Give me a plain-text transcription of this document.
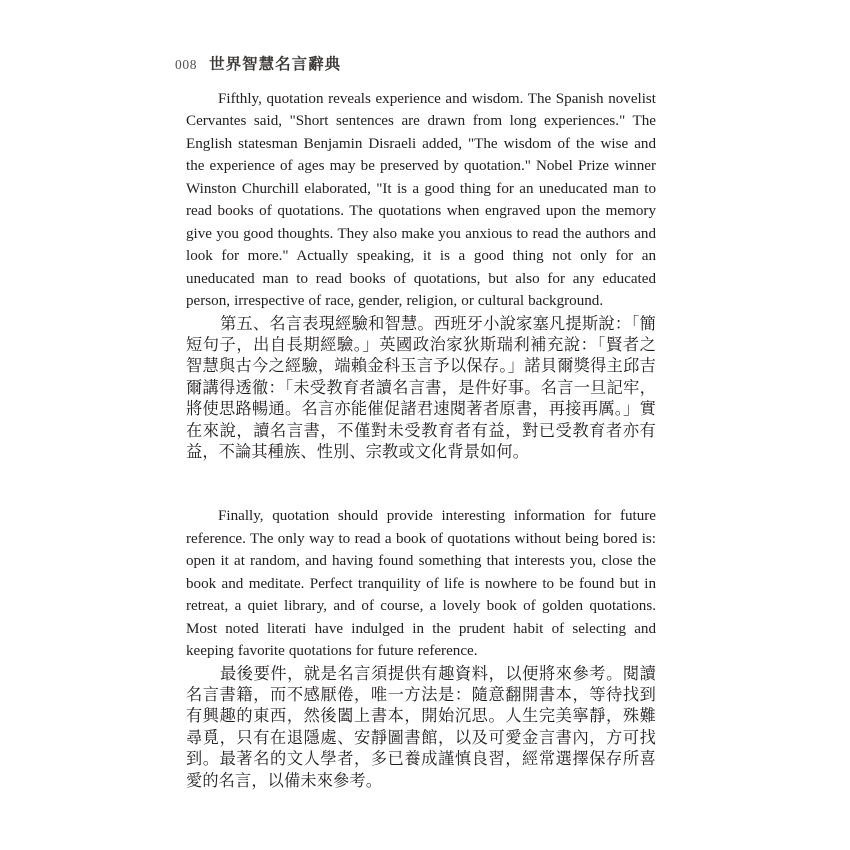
008 世界智慧名言辭典

Fifthly, quotation reveals experience and wisdom. The Spanish novelist Cervantes said, "Short sentences are drawn from long experiences." The English statesman Benjamin Disraeli added, "The wisdom of the wise and the experience of ages may be preserved by quotation." Nobel Prize winner Winston Churchill elaborated, "It is a good thing for an uneducated man to read books of quotations. The quotations when engraved upon the memory give you good thoughts. They also make you anxious to read the authors and look for more." Actually speaking, it is a good thing not only for an uneducated man to read books of quotations, but also for any educated person, irrespective of race, gender, religion, or cultural background.

第五、名言表現經驗和智慧。西班牙小說家塞凡提斯說：「簡短句子，出自長期經驗。」英國政治家狄斯瑞利補充說：「賢者之智慧與古今之經驗，端賴金科玉言予以保存。」諾貝爾獎得主邱吉爾講得透徹：「未受教育者讀名言書，是件好事。名言一旦記牢，將使思路暢通。名言亦能催促諸君速閱著者原書，再接再厲。」實在來說，讀名言書，不僅對未受教育者有益，對已受教育者亦有益，不論其種族、性別、宗教或文化背景如何。

Finally, quotation should provide interesting information for future reference. The only way to read a book of quotations without being bored is: open it at random, and having found something that interests you, close the book and meditate. Perfect tranquility of life is nowhere to be found but in retreat, a quiet library, and of course, a lovely book of golden quotations. Most noted literati have indulged in the prudent habit of selecting and keeping favorite quotations for future reference.

最後要件，就是名言須提供有趣資料，以便將來參考。閱讀名言書籍，而不感厭倦，唯一方法是：隨意翻開書本，等待找到有興趣的東西，然後闔上書本，開始沉思。人生完美寧靜，殊難尋覓，只有在退隱處、安靜圖書館，以及可愛金言書內，方可找到。最著名的文人學者，多已養成謹慎良習，經常選擇保存所喜愛的名言，以備未來參考。
